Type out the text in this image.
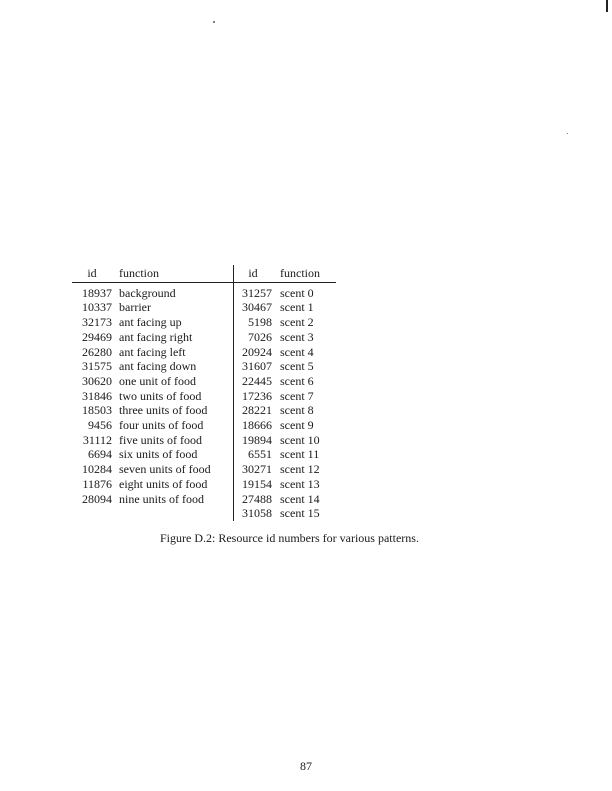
id	function	id	function
18937	background	31257	scent 0
10337	barrier	30467	scent 1
32173	ant facing up	5198	scent 2
29469	ant facing right	7026	scent 3
26280	ant facing left	20924	scent 4
31575	ant facing down	31607	scent 5
30620	one unit of food	22445	scent 6
31846	two units of food	17236	scent 7
18503	three units of food	28221	scent 8
9456	four units of food	18666	scent 9
31112	five units of food	19894	scent 10
6694	six units of food	6551	scent 11
10284	seven units of food	30271	scent 12
11876	eight units of food	19154	scent 13
28094	nine units of food	27488	scent 14
		31058	scent 15
Figure D.2: Resource id numbers for various patterns.
87
